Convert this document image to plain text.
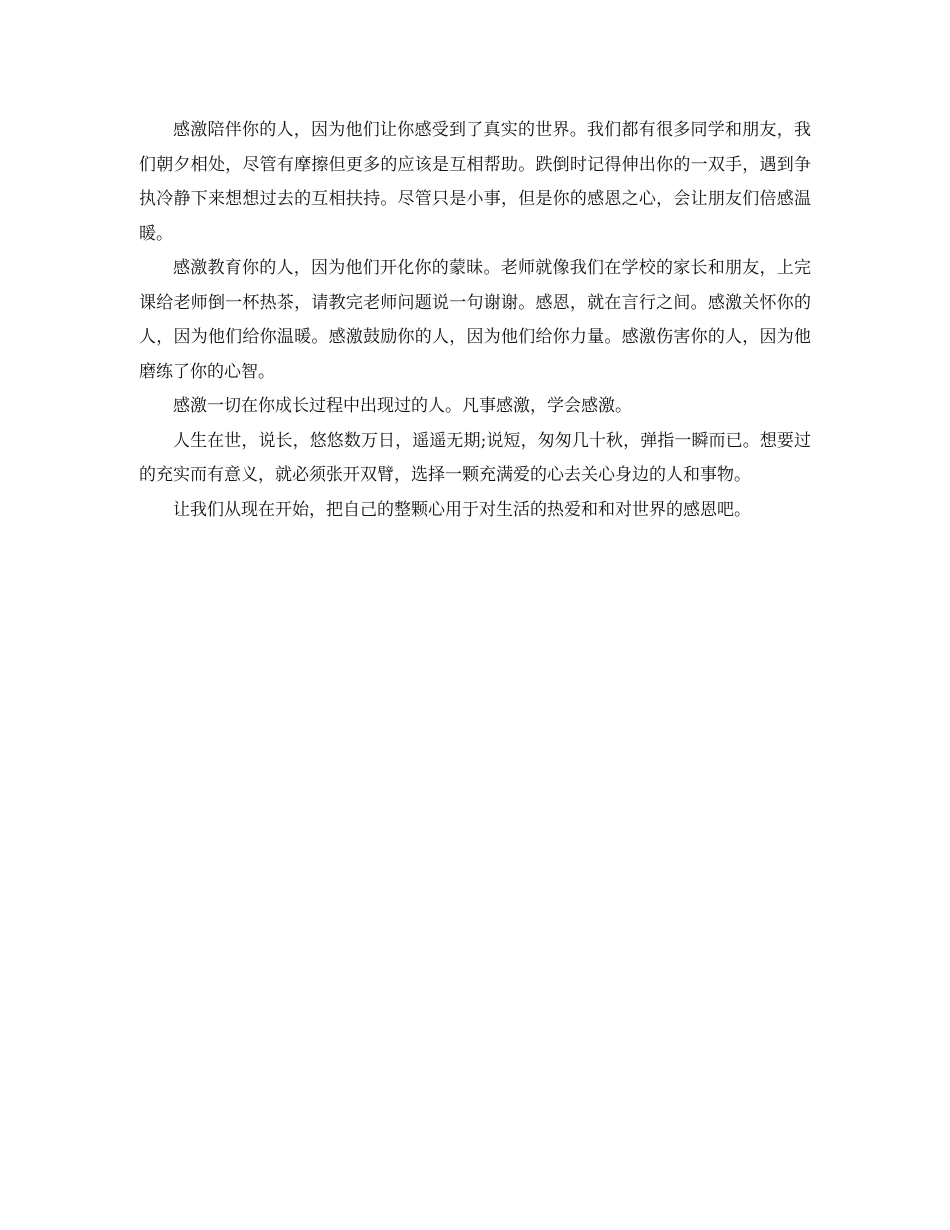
感激陪伴你的人，因为他们让你感受到了真实的世界。我们都有很多同学和朋友，我们朝夕相处，尽管有摩擦但更多的应该是互相帮助。跌倒时记得伸出你的一双手，遇到争执冷静下来想想过去的互相扶持。尽管只是小事，但是你的感恩之心，会让朋友们倍感温暖。

感激教育你的人，因为他们开化你的蒙昧。老师就像我们在学校的家长和朋友，上完课给老师倒一杯热茶，请教完老师问题说一句谢谢。感恩，就在言行之间。感激关怀你的人，因为他们给你温暖。感激鼓励你的人，因为他们给你力量。感激伤害你的人，因为他磨练了你的心智。

感激一切在你成长过程中出现过的人。凡事感激，学会感激。

人生在世，说长，悠悠数万日，遥遥无期;说短，匆匆几十秋，弹指一瞬而已。想要过的充实而有意义，就必须张开双臂，选择一颗充满爱的心去关心身边的人和事物。

让我们从现在开始，把自己的整颗心用于对生活的热爱和和对世界的感恩吧。
